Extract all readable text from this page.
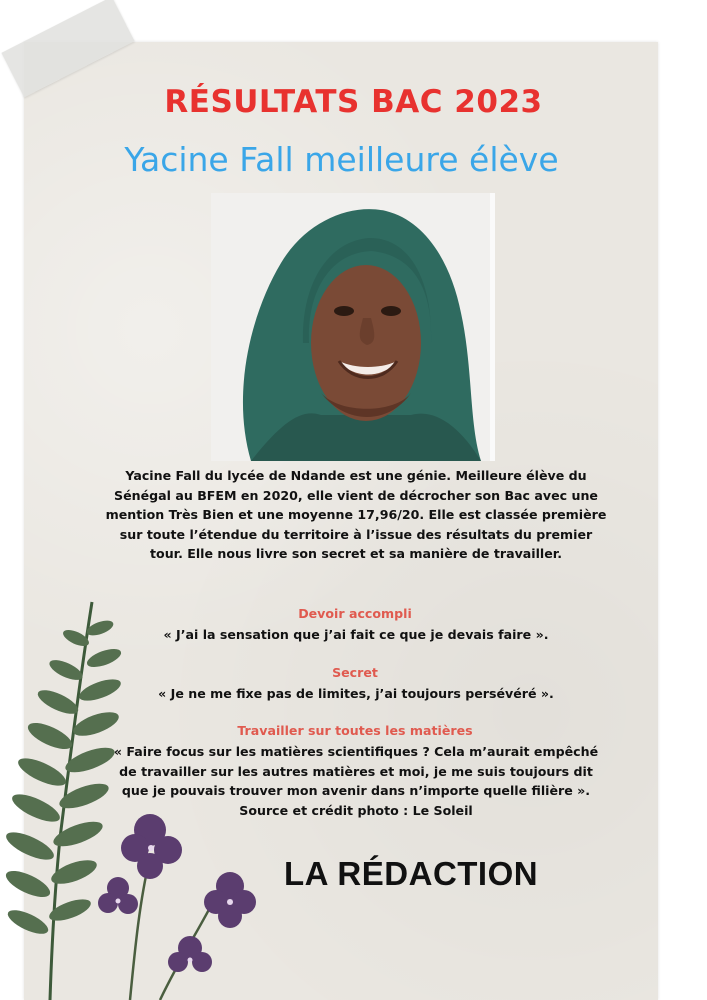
RÉSULTATS BAC 2023
Yacine Fall meilleure élève
Yacine Fall du lycée de Ndande est une génie. Meilleure élève du
Sénégal au BFEM en 2020, elle vient de décrocher son Bac avec une
mention Très Bien et une moyenne 17,96/20. Elle est classée première
sur toute l’étendue du territoire à l’issue des résultats du premier
tour. Elle nous livre son secret et sa manière de travailler.
Devoir accompli
« J’ai la sensation que j’ai fait ce que je devais faire ».
Secret
« Je ne me fixe pas de limites, j’ai toujours persévéré ».
Travailler sur toutes les matières
« Faire focus sur les matières scientifiques ? Cela m’aurait empêché
de travailler sur les autres matières et moi, je me suis toujours dit
que je pouvais trouver mon avenir dans n’importe quelle filière ».
Source et crédit photo : Le Soleil
LA RÉDACTION
